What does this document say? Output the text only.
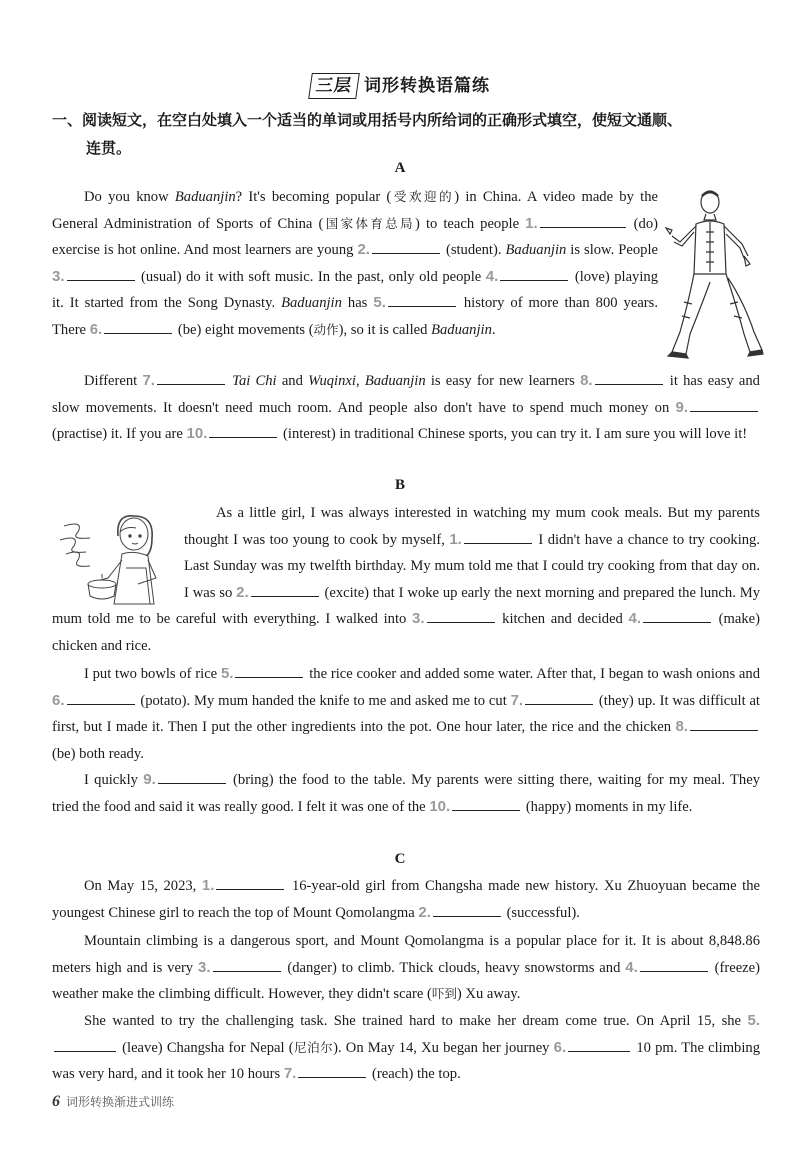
三层 词形转换语篇练
一、阅读短文，在空白处填入一个适当的单词或用括号内所给词的正确形式填空，使短文通顺、
连贯。
A
Do you know Baduanjin? It's becoming popular (受欢迎的) in China. A video made by the General Administration of Sports of China (国家体育总局) to teach people 1.	(do) exercise is hot online. And most learners are young 2.	(student). Baduanjin is slow. People 3.	(usual) do it with soft music. In the past, only old people 4.	(love) playing it. It started from the Song Dynasty. Baduanjin has 5.	history of more than 800 years. There 6.	(be) eight movements (动作), so it is called Baduanjin.
Different 7.	Tai Chi and Wuqinxi, Baduanjin is easy for new learners 8.	it has easy and slow movements. It doesn't need much room. And people also don't have to spend much money on 9. (practise) it. If you are 10.	(interest) in traditional Chinese sports, you can try it. I am sure you will love it!
B
As a little girl, I was always interested in watching my mum cook meals. But my parents thought I was too young to cook by myself, 1.	I didn't have a chance to try cooking. Last Sunday was my twelfth birthday. My mum told me that I could try cooking from that day on. I was so 2.	(excite) that I woke up early the next morning and prepared the lunch. My mum told me to be careful with everything. I walked into 3.	kitchen and decided 4.	(make) chicken and rice.
I put two bowls of rice 5.	the rice cooker and added some water. After that, I began to wash onions and 6.	(potato). My mum handed the knife to me and asked me to cut 7.	(they) up. It was difficult at first, but I made it. Then I put the other ingredients into the pot. One hour later, the rice and the chicken 8. (be) both ready.
I quickly 9.	(bring) the food to the table. My parents were sitting there, waiting for my meal. They tried the food and said it was really good. I felt it was one of the 10.	(happy) moments in my life.
C
On May 15, 2023, 1.	16-year-old girl from Changsha made new history. Xu Zhuoyuan became the youngest Chinese girl to reach the top of Mount Qomolangma 2.	(successful).
Mountain climbing is a dangerous sport, and Mount Qomolangma is a popular place for it. It is about 8,848.86 meters high and is very 3.	(danger) to climb. Thick clouds, heavy snowstorms and 4.	(freeze) weather make the climbing difficult. However, they didn't scare (吓到) Xu away.
She wanted to try the challenging task. She trained hard to make her dream come true. On April 15, she 5. (leave) Changsha for Nepal (尼泊尔). On May 14, Xu began her journey 6.	10 pm. The climbing was very hard, and it took her 10 hours 7.	(reach) the top.
6 词形转换渐进式训练
